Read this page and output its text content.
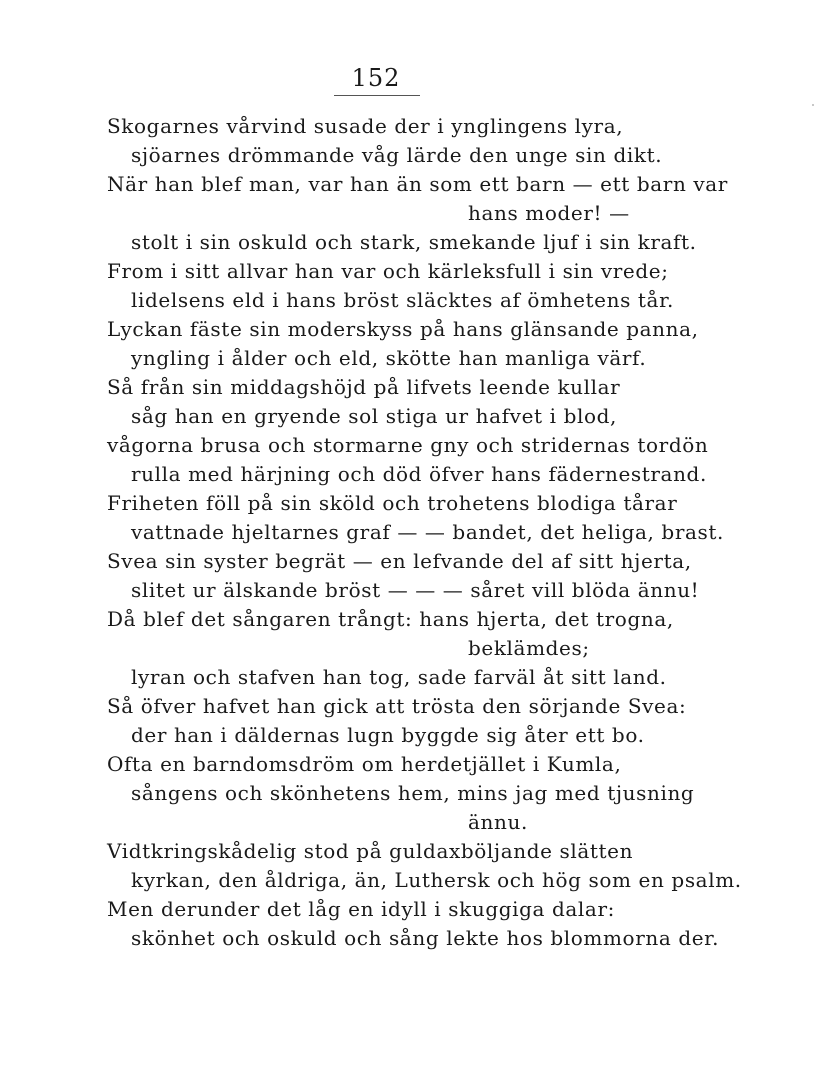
152
Skogarnes vårvind susade der i ynglingens lyra,
sjöarnes drömmande våg lärde den unge sin dikt.
När han blef man, var han än som ett barn — ett barn var
hans moder! —
stolt i sin oskuld och stark, smekande ljuf i sin kraft.
From i sitt allvar han var och kärleksfull i sin vrede;
lidelsens eld i hans bröst släcktes af ömhetens tår.
Lyckan fäste sin moderskyss på hans glänsande panna,
yngling i ålder och eld, skötte han manliga värf.
Så från sin middagshöjd på lifvets leende kullar
såg han en gryende sol stiga ur hafvet i blod,
vågorna brusa och stormarne gny och stridernas tordön
rulla med härjning och död öfver hans fädernestrand.
Friheten föll på sin sköld och trohetens blodiga tårar
vattnade hjeltarnes graf — — bandet, det heliga, brast.
Svea sin syster begrät — en lefvande del af sitt hjerta,
slitet ur älskande bröst — — — såret vill blöda ännu!
Då blef det sångaren trångt: hans hjerta, det trogna,
beklämdes;
lyran och stafven han tog, sade farväl åt sitt land.
Så öfver hafvet han gick att trösta den sörjande Svea:
der han i däldernas lugn byggde sig åter ett bo.
Ofta en barndomsdröm om herdetjället i Kumla,
sångens och skönhetens hem, mins jag med tjusning
ännu.
Vidtkringskådelig stod på guldaxböljande slätten
kyrkan, den åldriga, än, Luthersk och hög som en psalm.
Men derunder det låg en idyll i skuggiga dalar:
skönhet och oskuld och sång lekte hos blommorna der.
